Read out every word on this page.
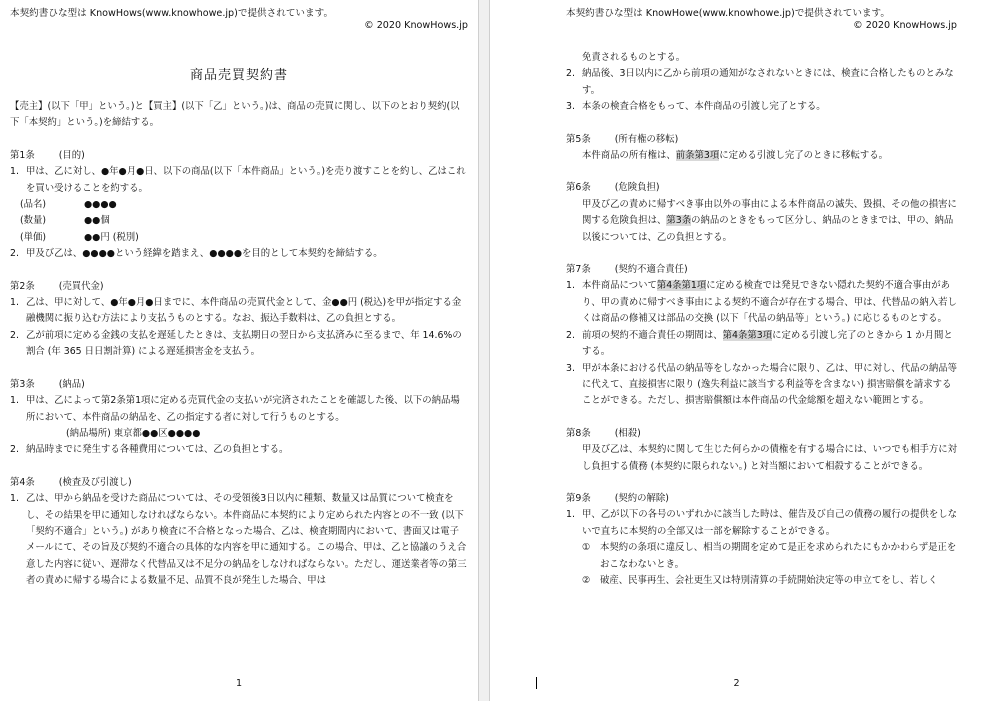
本契約書ひな型は KnowHows(www.knowhowe.jp)で提供されています。
© 2020 KnowHows.jp
商品売買契約書

【売主】(以下「甲」という。)と【買主】(以下「乙」という。)は、商品の売買に関し、以下のとおり契約(以下「本契約」という。)を締結する。

第1条	(目的)
1. 甲は、乙に対し、●年●月●日、以下の商品(以下「本件商品」という。)を売り渡すことを約し、乙はこれを買い受けることを約する。
(品名)	●●●●
(数量)	●●個
(単価)	●●円 (税別)
2. 甲及び乙は、●●●●という経緯を踏まえ、●●●●を目的として本契約を締結する。
第2条	(売買代金)
1. 乙は、甲に対して、●年●月●日までに、本件商品の売買代金として、金●●円 (税込)を甲が指定する金融機関に振り込む方法により支払うものとする。なお、振込手数料は、乙の負担とする。
2. 乙が前項に定める金銭の支払を遅延したときは、支払期日の翌日から支払済みに至るまで、年 14.6%の割合 (年 365 日日割計算) による遅延損害金を支払う。
第3条	(納品)
1. 甲は、乙によって第2条第1項に定める売買代金の支払いが完済されたことを確認した後、以下の納品場所において、本件商品の納品を、乙の指定する者に対して行うものとする。
(納品場所) 東京都●●区●●●●
2. 納品時までに発生する各種費用については、乙の負担とする。
第4条	(検査及び引渡し)
1. 乙は、甲から納品を受けた商品については、その受領後3日以内に種類、数量又は品質について検査をし、その結果を甲に通知しなければならない。本件商品に本契約により定められた内容との不一致 (以下「契約不適合」という。) があり検査に不合格となった場合、乙は、検査期間内において、書面又は電子メールにて、その旨及び契約不適合の具体的な内容を甲に通知する。この場合、甲は、乙と協議のうえ合意した内容に従い、遅滞なく代替品又は不足分の納品をしなければならない。ただし、運送業者等の第三者の責めに帰する場合による数量不足、品質不良が発生した場合、甲は
1
本契約書ひな型は KnowHowe(www.knowhowe.jp)で提供されています。
© 2020 KnowHows.jp

免責されるものとする。

2. 納品後、3日以内に乙から前項の通知がなされないときには、検査に合格したものとみなす。
3. 本条の検査合格をもって、本件商品の引渡し完了とする。
第5条	(所有権の移転)

本件商品の所有権は、前条第3項に定める引渡し完了のときに移転する。

第6条	(危険負担)

甲及び乙の責めに帰すべき事由以外の事由による本件商品の滅失、毀損、その他の損害に関する危険負担は、第3条の納品のときをもって区分し、納品のときまでは、甲の、納品以後については、乙の負担とする。

第7条	(契約不適合責任)
1. 本件商品について第4条第1項に定める検査では発見できない隠れた契約不適合事由があり、甲の責めに帰すべき事由による契約不適合が存在する場合、甲は、代替品の納入若しくは商品の修補又は部品の交換 (以下「代品の納品等」という。) に応じるものとする。
2. 前項の契約不適合責任の期間は、第4条第3項に定める引渡し完了のときから 1 か月間とする。
3. 甲が本条における代品の納品等をしなかった場合に限り、乙は、甲に対し、代品の納品等に代えて、直接損害に限り (逸失利益に該当する利益等を含まない) 損害賠償を請求することができる。ただし、損害賠償額は本件商品の代金総額を超えない範囲とする。
第8条	(相殺)

甲及び乙は、本契約に関して生じた何らかの債権を有する場合には、いつでも相手方に対し負担する債務 (本契約に限られない。) と対当額において相殺することができる。

第9条	(契約の解除)
1. 甲、乙が以下の各号のいずれかに該当した時は、催告及び自己の債務の履行の提供をしないで直ちに本契約の全部又は一部を解除することができる。
①	本契約の条項に違反し、相当の期間を定めて是正を求められたにもかかわらず是正をおこなわないとき。
②	破産、民事再生、会社更生又は特別清算の手続開始決定等の申立てをし、若しく
2
